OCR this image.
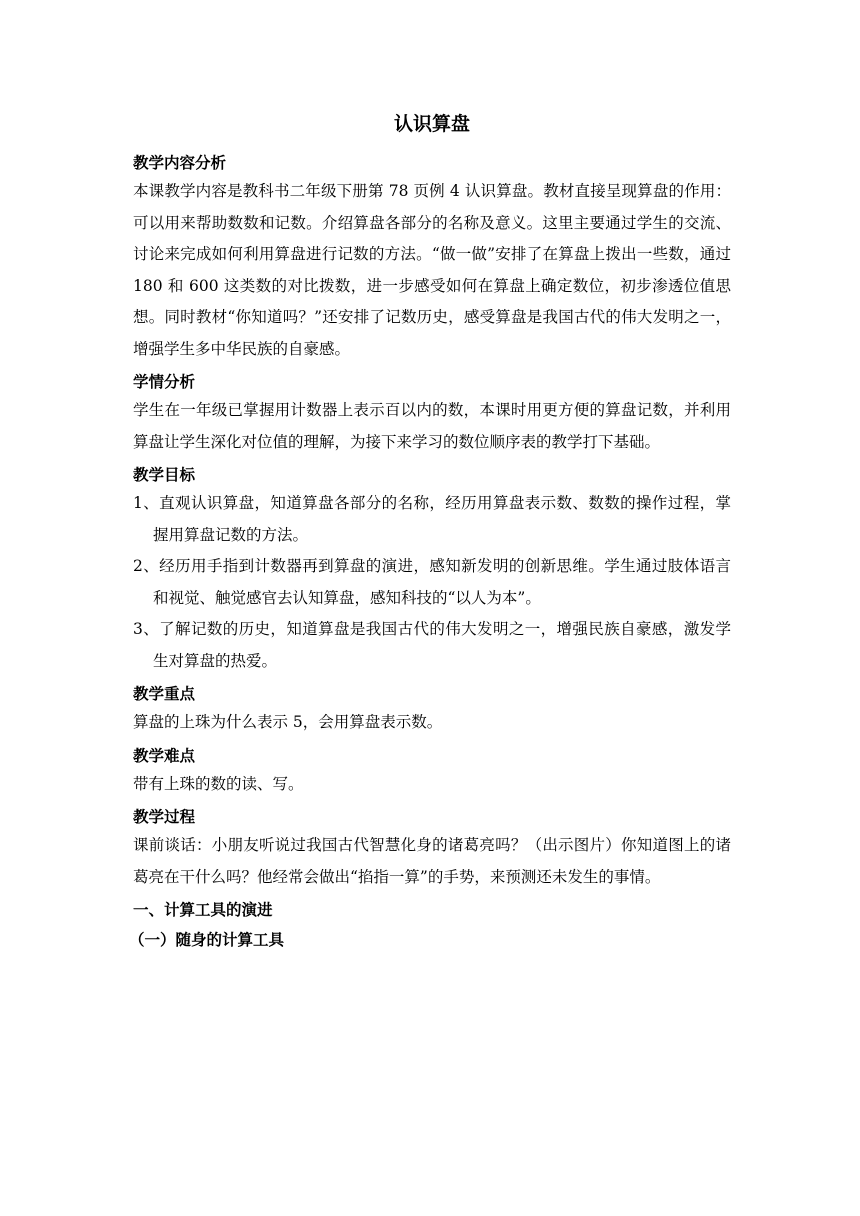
认识算盘
教学内容分析

本课教学内容是教科书二年级下册第 78 页例 4 认识算盘。教材直接呈现算盘的作用：可以用来帮助数数和记数。介绍算盘各部分的名称及意义。这里主要通过学生的交流、讨论来完成如何利用算盘进行记数的方法。“做一做”安排了在算盘上拨出一些数，通过 180 和 600 这类数的对比拨数，进一步感受如何在算盘上确定数位，初步渗透位值思想。同时教材“你知道吗？”还安排了记数历史，感受算盘是我国古代的伟大发明之一，增强学生多中华民族的自豪感。

学情分析

学生在一年级已掌握用计数器上表示百以内的数，本课时用更方便的算盘记数，并利用算盘让学生深化对位值的理解，为接下来学习的数位顺序表的教学打下基础。

教学目标

1、直观认识算盘，知道算盘各部分的名称，经历用算盘表示数、数数的操作过程，掌握用算盘记数的方法。

2、经历用手指到计数器再到算盘的演进，感知新发明的创新思维。学生通过肢体语言和视觉、触觉感官去认知算盘，感知科技的“以人为本”。

3、了解记数的历史，知道算盘是我国古代的伟大发明之一，增强民族自豪感，激发学生对算盘的热爱。

教学重点

算盘的上珠为什么表示 5，会用算盘表示数。

教学难点

带有上珠的数的读、写。

教学过程

课前谈话：小朋友听说过我国古代智慧化身的诸葛亮吗？（出示图片）你知道图上的诸葛亮在干什么吗？他经常会做出“掐指一算”的手势，来预测还未发生的事情。

一、计算工具的演进
（一）随身的计算工具
